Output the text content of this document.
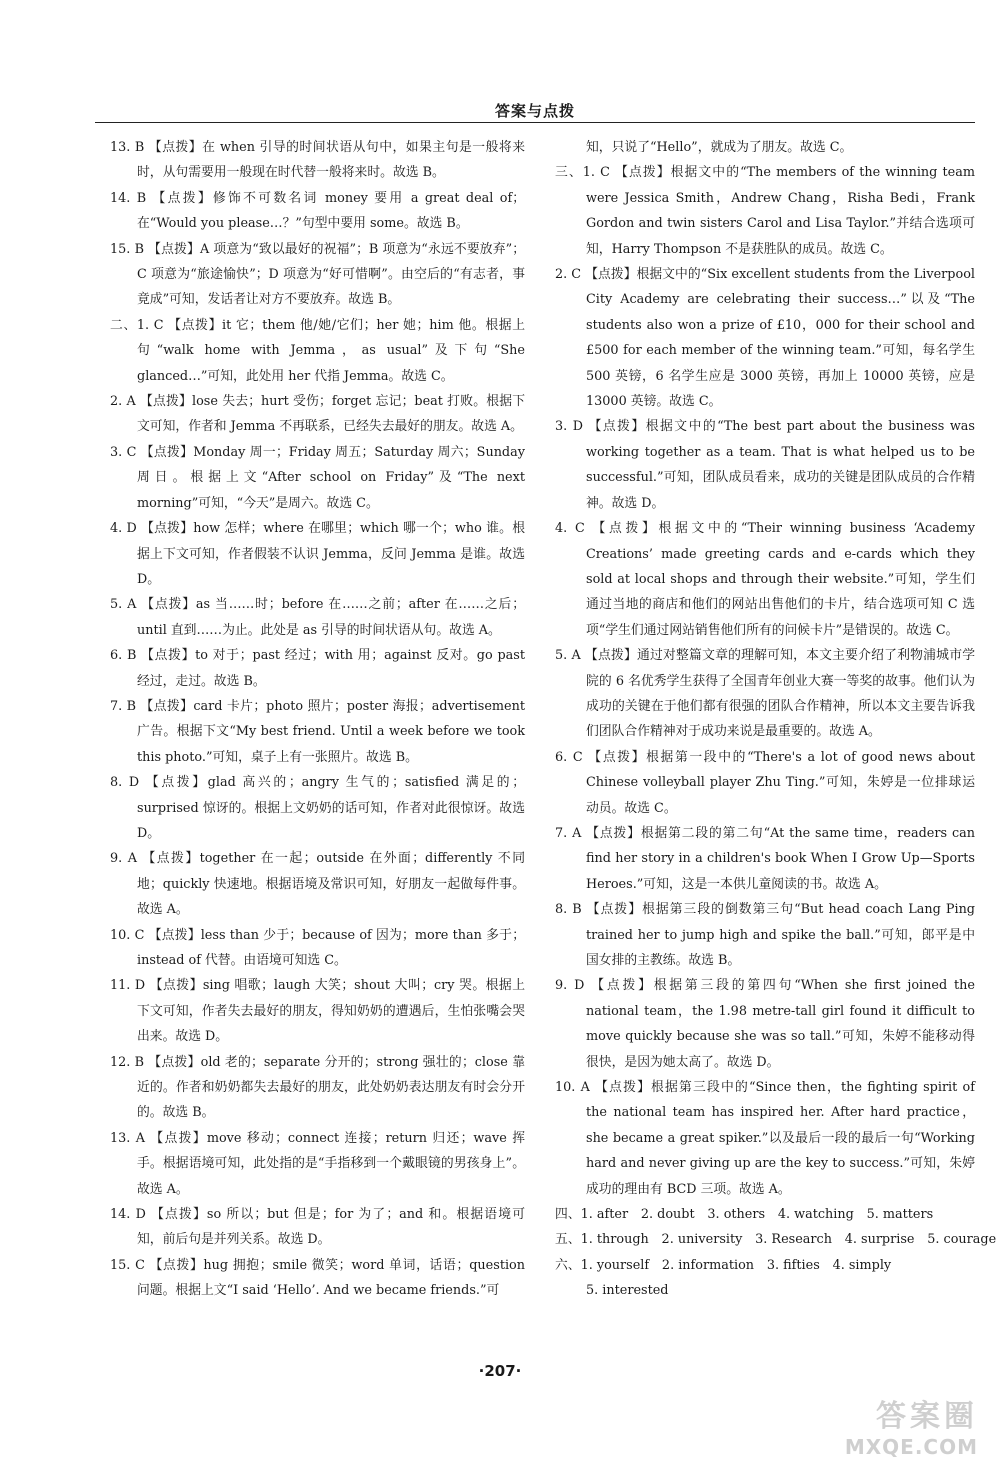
答案与点拨

13. B 【点拨】在 when 引导的时间状语从句中，如果主句是一般将来时，从句需要用一般现在时代替一般将来时。故选 B。

14. B 【点拨】修饰不可数名词 money 要用 a great deal of；在“Would you please…？”句型中要用 some。故选 B。

15. B 【点拨】A 项意为“致以最好的祝福”；B 项意为“永远不要放弃”；C 项意为“旅途愉快”；D 项意为“好可惜啊”。由空后的“有志者，事竟成”可知，发话者让对方不要放弃。故选 B。

二、1. C 【点拨】it 它；them 他/她/它们；her 她；him 他。根据上句“walk home with Jemma，as usual”及下句“She glanced…”可知，此处用 her 代指 Jemma。故选 C。

2. A 【点拨】lose 失去；hurt 受伤；forget 忘记；beat 打败。根据下文可知，作者和 Jemma 不再联系，已经失去最好的朋友。故选 A。

3. C 【点拨】Monday 周一；Friday 周五；Saturday 周六；Sunday 周日。根据上文“After school on Friday”及“The next morning”可知，“今天”是周六。故选 C。

4. D 【点拨】how 怎样；where 在哪里；which 哪一个；who 谁。根据上下文可知，作者假装不认识 Jemma，反问 Jemma 是谁。故选 D。

5. A 【点拨】as 当……时；before 在……之前；after 在……之后；until 直到……为止。此处是 as 引导的时间状语从句。故选 A。

6. B 【点拨】to 对于；past 经过；with 用；against 反对。go past 经过，走过。故选 B。

7. B 【点拨】card 卡片；photo 照片；poster 海报；advertisement 广告。根据下文“My best friend. Until a week before we took this photo.”可知，桌子上有一张照片。故选 B。

8. D 【点拨】glad 高兴的；angry 生气的；satisfied 满足的；surprised 惊讶的。根据上文奶奶的话可知，作者对此很惊讶。故选 D。

9. A 【点拨】together 在一起；outside 在外面；differently 不同地；quickly 快速地。根据语境及常识可知，好朋友一起做每件事。故选 A。

10. C 【点拨】less than 少于；because of 因为；more than 多于；instead of 代替。由语境可知选 C。

11. D 【点拨】sing 唱歌；laugh 大笑；shout 大叫；cry 哭。根据上下文可知，作者失去最好的朋友，得知奶奶的遭遇后，生怕张嘴会哭出来。故选 D。

12. B 【点拨】old 老的；separate 分开的；strong 强壮的；close 靠近的。作者和奶奶都失去最好的朋友，此处奶奶表达朋友有时会分开的。故选 B。

13. A 【点拨】move 移动；connect 连接；return 归还；wave 挥手。根据语境可知，此处指的是“手指移到一个戴眼镜的男孩身上”。故选 A。

14. D 【点拨】so 所以；but 但是；for 为了；and 和。根据语境可知，前后句是并列关系。故选 D。

15. C 【点拨】hug 拥抱；smile 微笑；word 单词，话语；question 问题。根据上文“I said ‘Hello’. And we became friends.”可

知，只说了“Hello”，就成为了朋友。故选 C。

三、1. C 【点拨】根据文中的“The members of the winning team were Jessica Smith，Andrew Chang，Risha Bedi，Frank Gordon and twin sisters Carol and Lisa Taylor.”并结合选项可知，Harry Thompson 不是获胜队的成员。故选 C。

2. C 【点拨】根据文中的“Six excellent students from the Liverpool City Academy are celebrating their success…”以及“The students also won a prize of £10，000 for their school and £500 for each member of the winning team.”可知，每名学生 500 英镑，6 名学生应是 3000 英镑，再加上 10000 英镑，应是 13000 英镑。故选 C。

3. D 【点拨】根据文中的“The best part about the business was working together as a team. That is what helped us to be successful.”可知，团队成员看来，成功的关键是团队成员的合作精神。故选 D。

4. C 【点拨】根据文中的“Their winning business ‘Academy Creations’ made greeting cards and e-cards which they sold at local shops and through their website.”可知，学生们通过当地的商店和他们的网站出售他们的卡片，结合选项可知 C 选项“学生们通过网站销售他们所有的问候卡片”是错误的。故选 C。

5. A 【点拨】通过对整篇文章的理解可知，本文主要介绍了利物浦城市学院的 6 名优秀学生获得了全国青年创业大赛一等奖的故事。他们认为成功的关键在于他们都有很强的团队合作精神，所以本文主要告诉我们团队合作精神对于成功来说是最重要的。故选 A。

6. C 【点拨】根据第一段中的“There's a lot of good news about Chinese volleyball player Zhu Ting.”可知，朱婷是一位排球运动员。故选 C。

7. A 【点拨】根据第二段的第二句“At the same time，readers can find her story in a children's book When I Grow Up—Sports Heroes.”可知，这是一本供儿童阅读的书。故选 A。

8. B 【点拨】根据第三段的倒数第三句“But head coach Lang Ping trained her to jump high and spike the ball.”可知，郎平是中国女排的主教练。故选 B。

9. D 【点拨】根据第三段的第四句“When she first joined the national team，the 1.98 metre-tall girl found it difficult to move quickly because she was so tall.”可知，朱婷不能移动得很快，是因为她太高了。故选 D。

10. A 【点拨】根据第三段中的“Since then，the fighting spirit of the national team has inspired her. After hard practice，she became a great spiker.”以及最后一段的最后一句“Working hard and never giving up are the key to success.”可知，朱婷成功的理由有 BCD 三项。故选 A。

四、1. after　2. doubt　3. others　4. watching　5. matters
五、1. through　2. university　3. Research　4. surprise　5. courage
六、1. yourself　2. information　3. fifties　4. simply
5. interested
·207·
答案圈
MXQE.COM
